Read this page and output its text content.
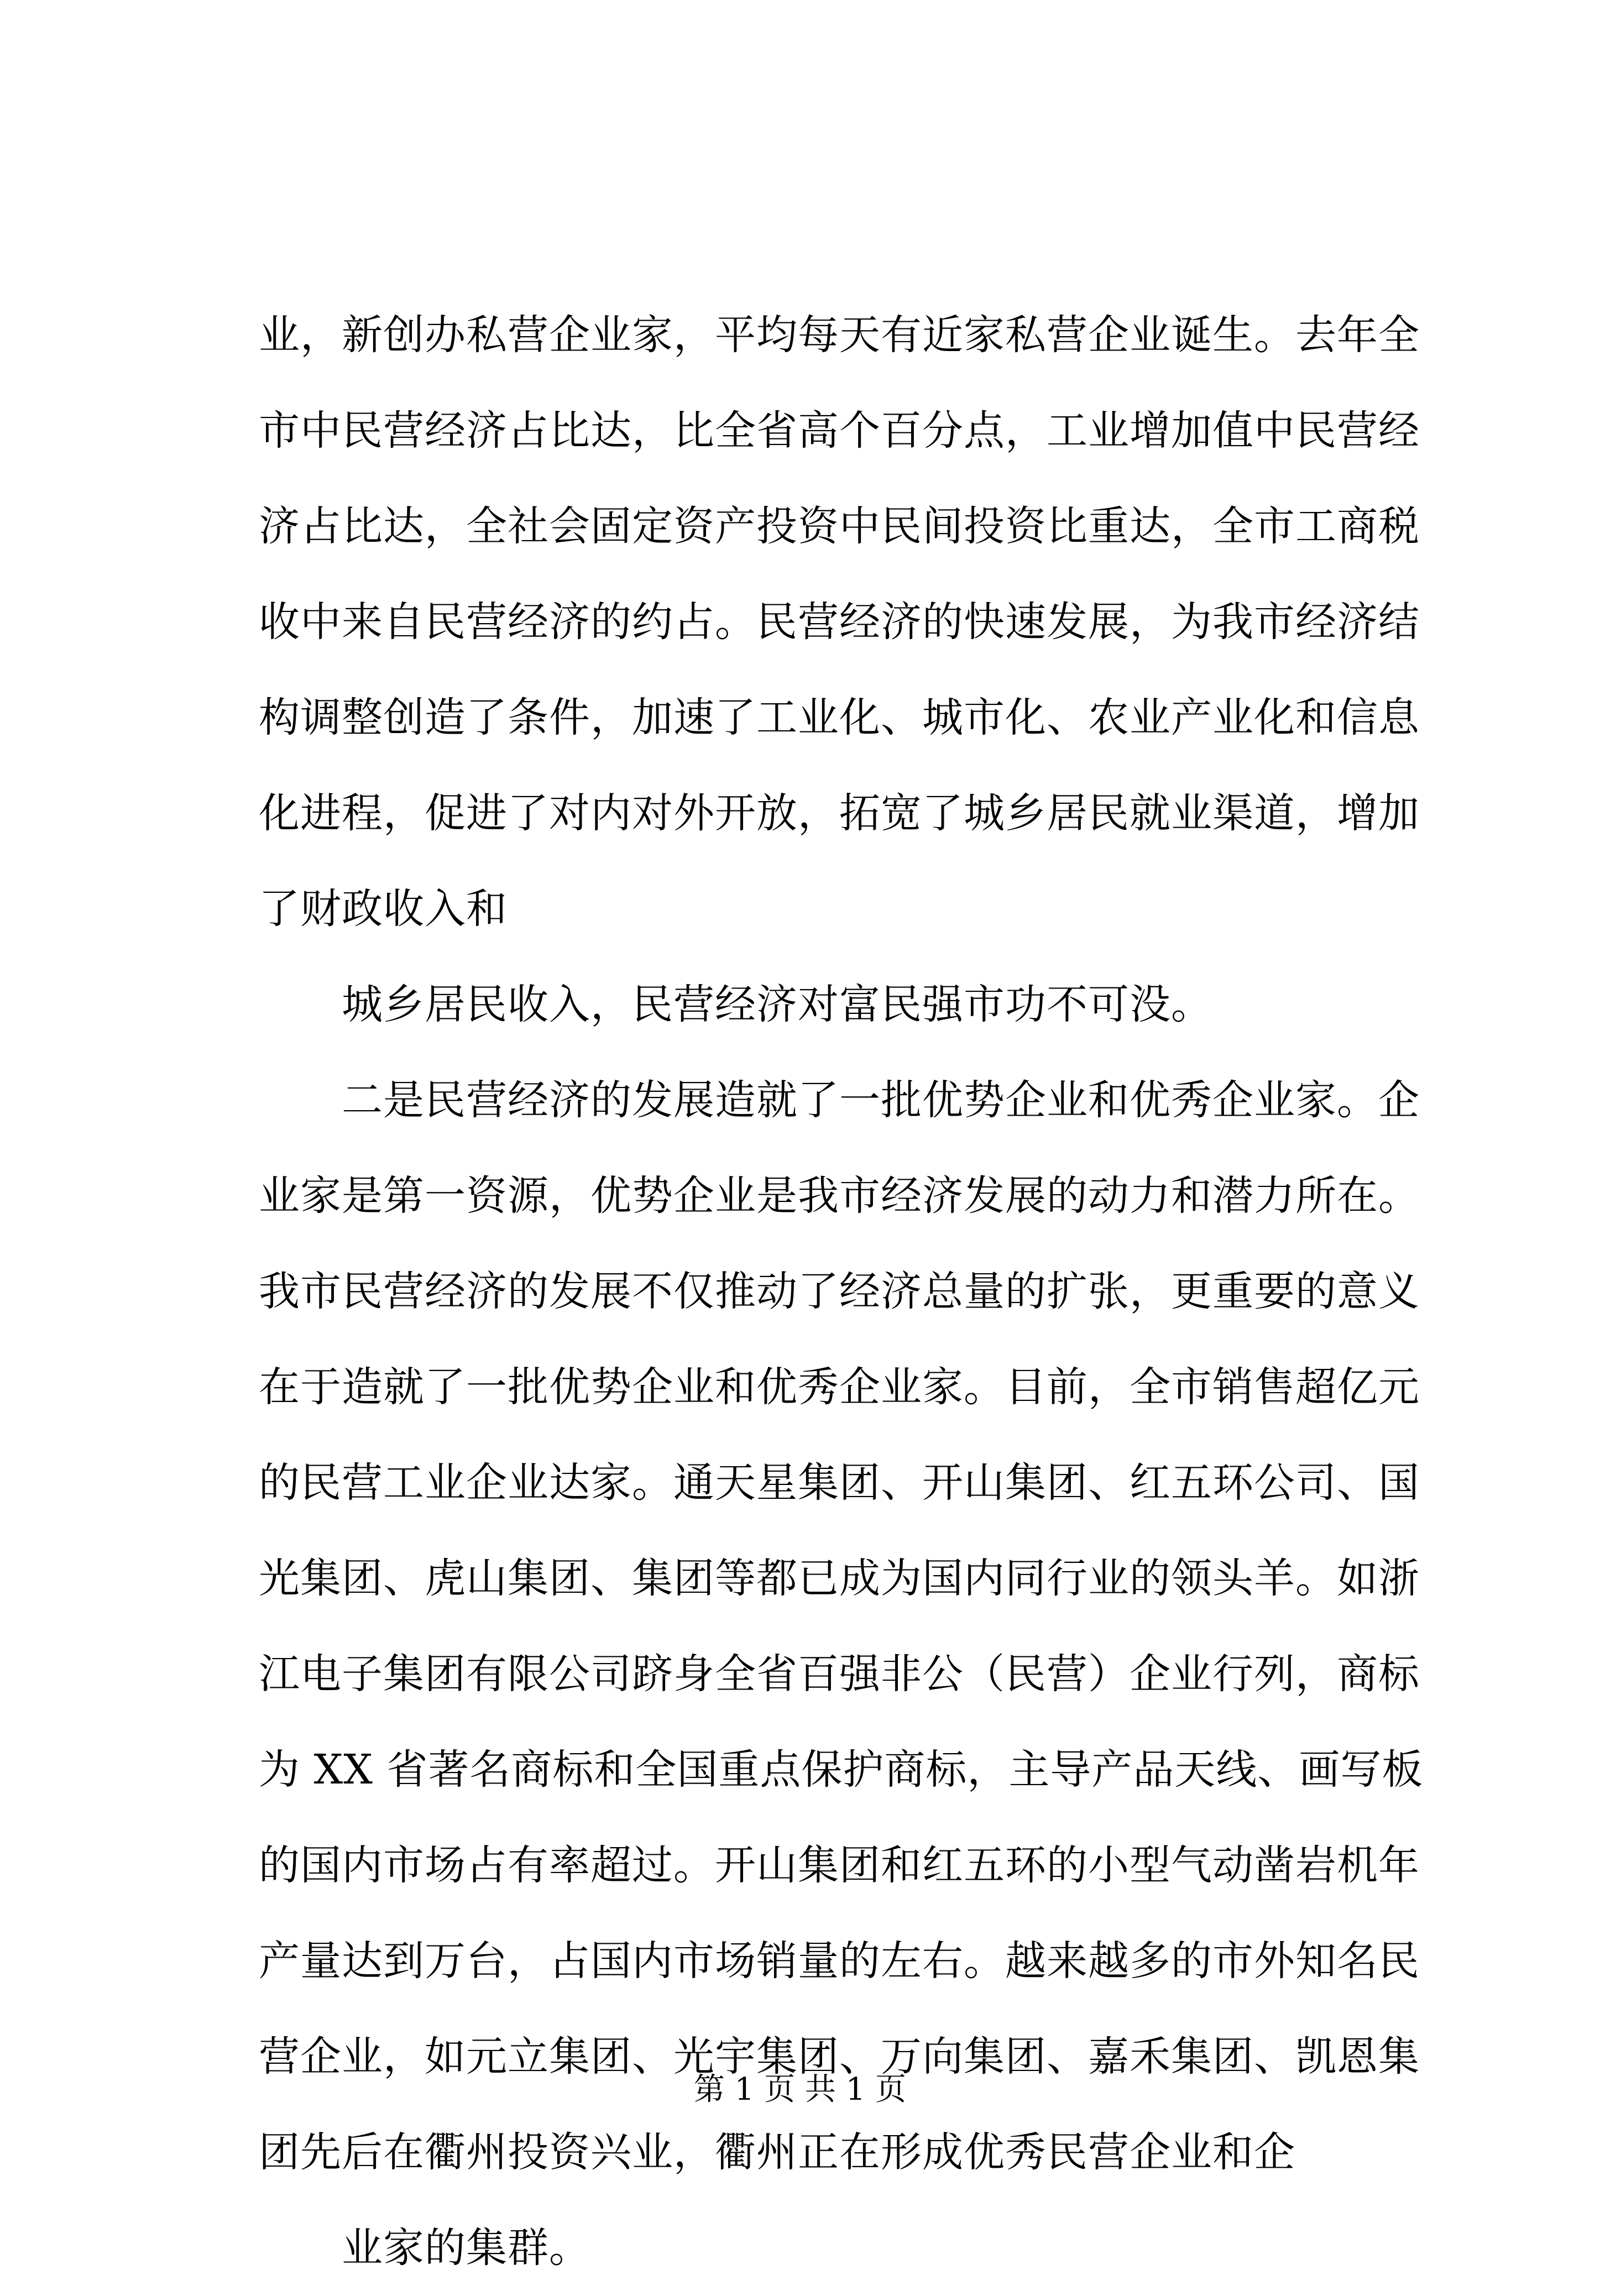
业，新创办私营企业家，平均每天有近家私营企业诞生。去年全
市中民营经济占比达，比全省高个百分点，工业增加值中民营经
济占比达，全社会固定资产投资中民间投资比重达，全市工商税
收中来自民营经济的约占。民营经济的快速发展，为我市经济结
构调整创造了条件，加速了工业化、城市化、农业产业化和信息
化进程，促进了对内对外开放，拓宽了城乡居民就业渠道，增加
了财政收入和
城乡居民收入，民营经济对富民强市功不可没。
二是民营经济的发展造就了一批优势企业和优秀企业家。企
业家是第一资源，优势企业是我市经济发展的动力和潜力所在。
我市民营经济的发展不仅推动了经济总量的扩张，更重要的意义
在于造就了一批优势企业和优秀企业家。目前，全市销售超亿元
的民营工业企业达家。通天星集团、开山集团、红五环公司、国
光集团、虎山集团、集团等都已成为国内同行业的领头羊。如浙
江电子集团有限公司跻身全省百强非公（民营）企业行列，商标
为 XX 省著名商标和全国重点保护商标，主导产品天线、画写板
的国内市场占有率超过。开山集团和红五环的小型气动凿岩机年
产量达到万台，占国内市场销量的左右。越来越多的市外知名民
营企业，如元立集团、光宇集团、万向集团、嘉禾集团、凯恩集
团先后在衢州投资兴业，衢州正在形成优秀民营企业和企
业家的集群。
第 1 页 共 1 页
